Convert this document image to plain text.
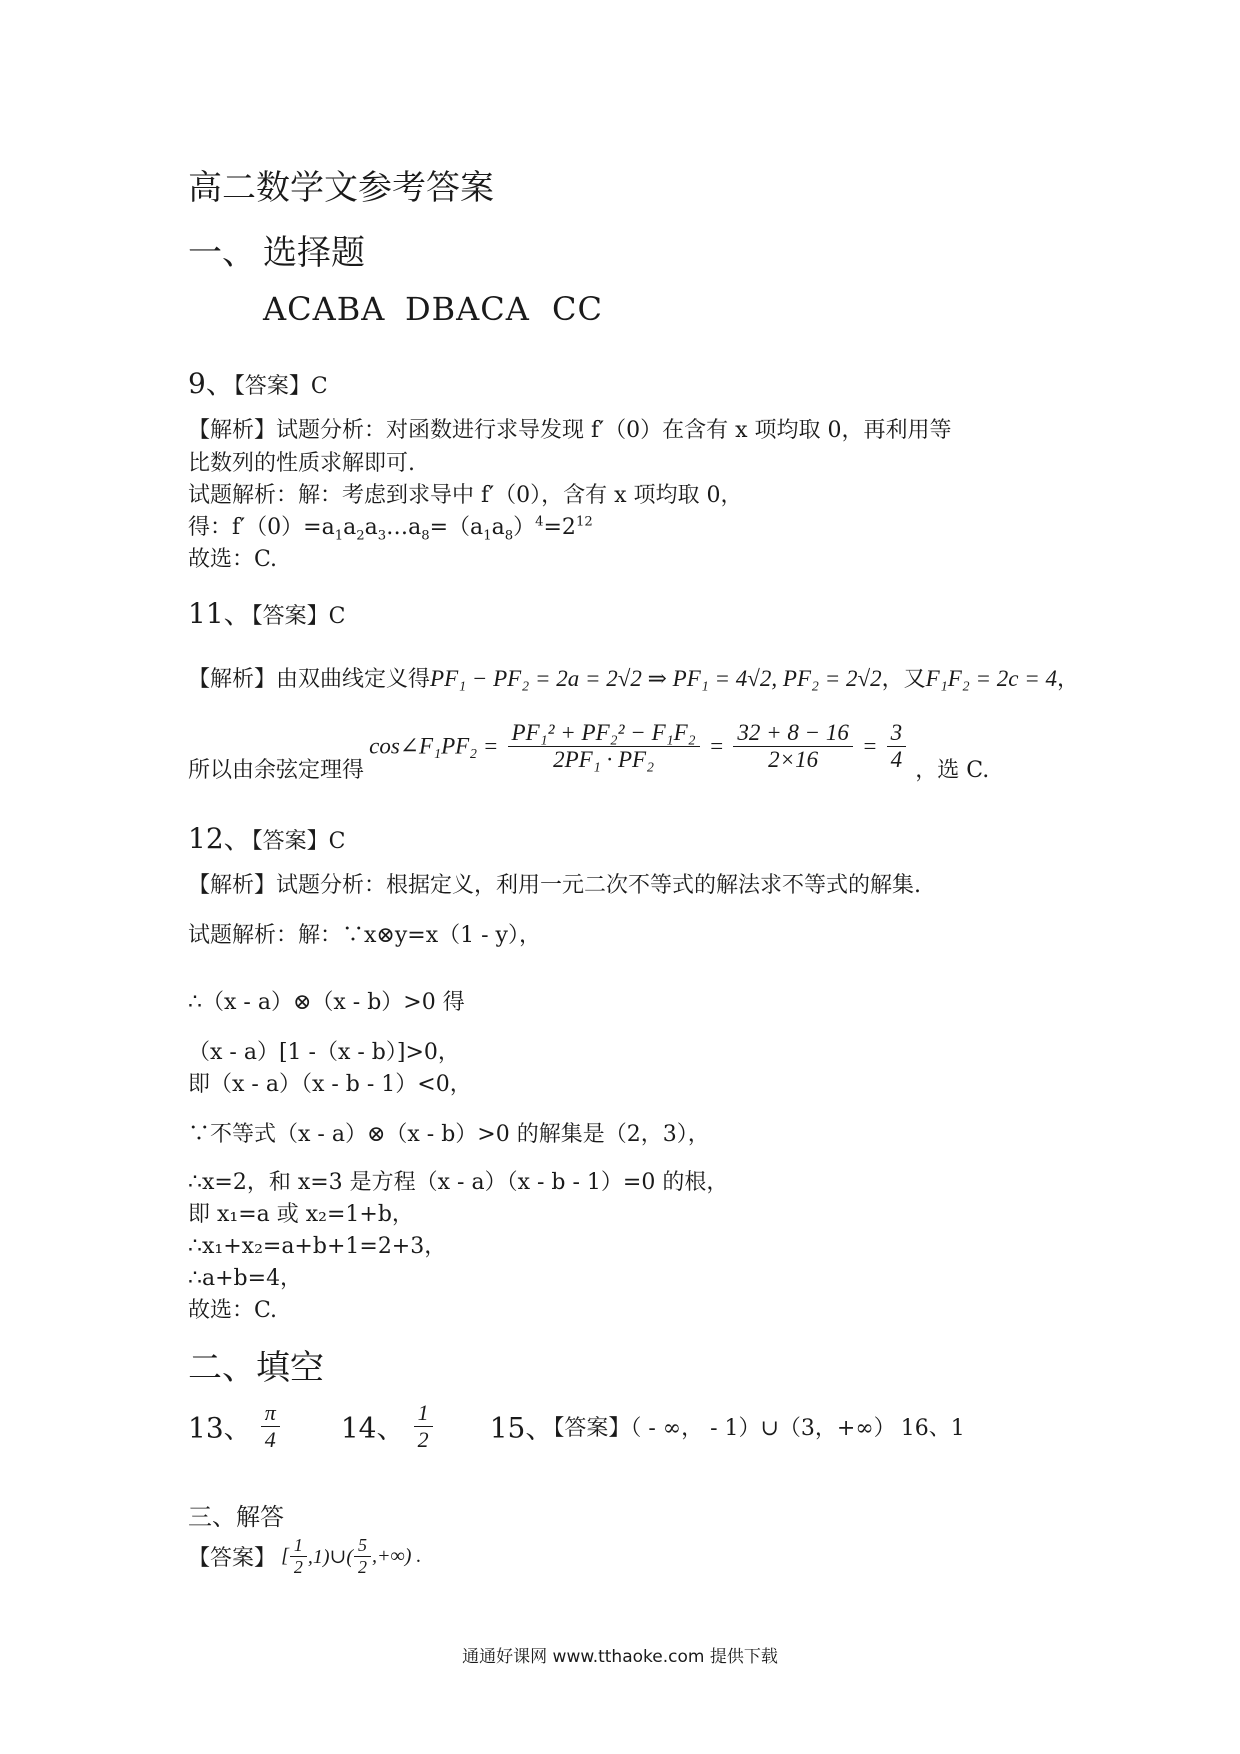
高二数学文参考答案
一、 选择题
ACABA DBACA CC
9、【答案】C
【解析】试题分析：对函数进行求导发现 f′（0）在含有 x 项均取 0，再利用等
比数列的性质求解即可.
试题解析：解：考虑到求导中 f′（0），含有 x 项均取 0，
得：$f'(0)=a_1a_2a_3\dots a_8=(a_1a_8)^4=2^{12}$
故选：C.
11、【答案】C
【解析】由双曲线定义得PF₁ − PF₂ = 2a = 2√2 ⇒ PF₁ = 4√2, PF₂ = 2√2，又F₁F₂ = 2c = 4，
所以由余弦定理得 cos∠F₁PF₂ = $\frac{\text{PF₁² + PF₂² − F₁F₂}}{\text{2PF₁ · PF₂}} = \frac{32 + 8 - 16}{2\times 16} = \frac{3}{4}$ ，选 C.
12、【答案】C
【解析】试题分析：根据定义，利用一元二次不等式的解法求不等式的解集.
试题解析：解：∵x⊗y=x（1 - y），
∴（x - a）⊗（x - b）>0 得
（x - a）[1 -（x - b）]>0，
即（x - a）（x - b - 1）<0，
∵不等式（x - a）⊗（x - b）>0 的解集是（2，3），
∴x=2，和 x=3 是方程（x - a）（x - b - 1）=0 的根，
即 x₁=a 或 x₂=1+b，
∴x₁+x₂=a+b+1=2+3，
∴a+b=4，
故选：C.
二、填空
13、 $\frac{\pi}{4} 14$、 $\frac{1}{2} 15$、【答案】（ - ∞， - 1）∪（3，+∞） 16、1
三、解答
【答案】 [ $\frac{1}{2}$ ,1)∪( $\frac{5}{2}$ ,+∞) .
通通好课网 www.tthaoke.com 提供下载
